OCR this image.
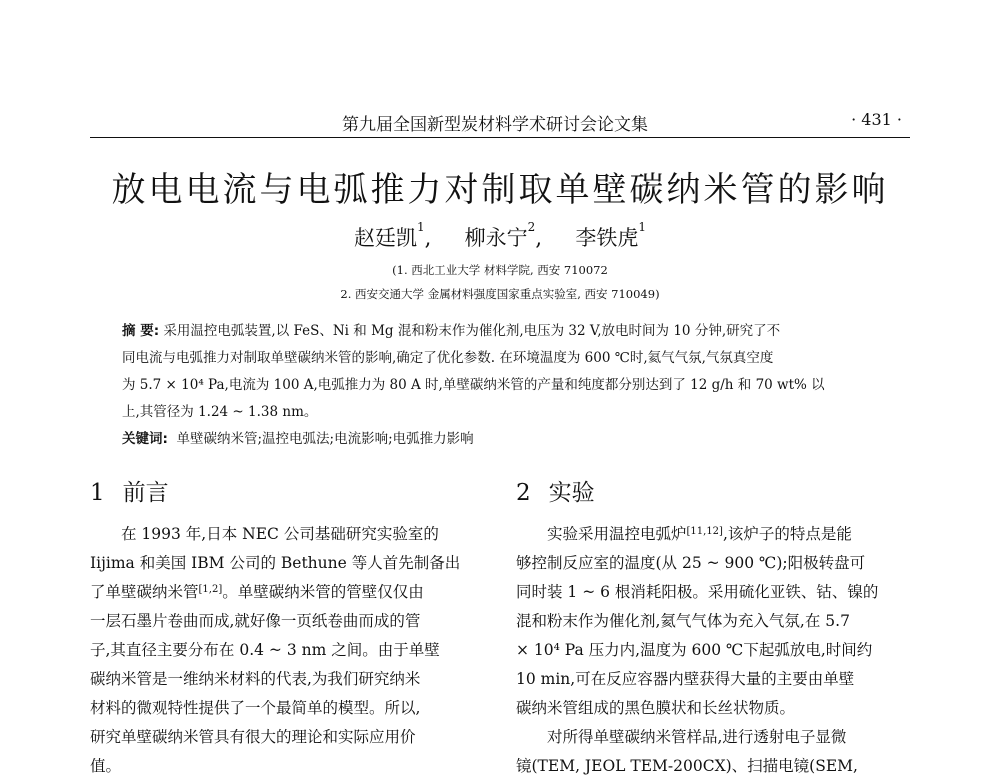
第九届全国新型炭材料学术研讨会论文集	· 431 ·
放电电流与电弧推力对制取单壁碳纳米管的影响
赵廷凯$^1$,     柳永宁$^2$,     李铁虎$^1$
(1. 西北工业大学 材料学院, 西安 710072
2. 西安交通大学 金属材料强度国家重点实验室, 西安 710049)
摘 要: 采用温控电弧装置,以 FeS、Ni 和 Mg 混和粉末作为催化剂,电压为 32 V,放电时间为 10 分钟,研究了不
同电流与电弧推力对制取单壁碳纳米管的影响,确定了优化参数. 在环境温度为 600 ℃时,氦气气氛,气氛真空度
为 5.7 × 10⁴ Pa,电流为 100 A,电弧推力为 80 A 时,单壁碳纳米管的产量和纯度都分别达到了 12 g/h 和 70 wt% 以
上,其管径为 1.24 ~ 1.38 nm。
关键词: 单壁碳纳米管;温控电弧法;电流影响;电弧推力影响
1 前言
在 1993 年,日本 NEC 公司基础研究实验室的
Iijima 和美国 IBM 公司的 Bethune 等人首先制备出
了单壁碳纳米管[1,2]。单壁碳纳米管的管壁仅仅由
一层石墨片卷曲而成,就好像一页纸卷曲而成的管
子,其直径主要分布在 0.4 ~ 3 nm 之间。由于单壁
碳纳米管是一维纳米材料的代表,为我们研究纳米
材料的微观特性提供了一个最简单的模型。所以,
研究单壁碳纳米管具有很大的理论和实际应用价
值。
2 实验
实验采用温控电弧炉[11,12],该炉子的特点是能
够控制反应室的温度(从 25 ~ 900 ℃);阳极转盘可
同时装 1 ~ 6 根消耗阳极。采用硫化亚铁、钴、镍的
混和粉末作为催化剂,氦气气体为充入气氛,在 5.7
× 10⁴ Pa 压力内,温度为 600 ℃下起弧放电,时间约
10 min,可在反应容器内壁获得大量的主要由单壁
碳纳米管组成的黑色膜状和长丝状物质。
对所得单壁碳纳米管样品,进行透射电子显微
镜(TEM, JEOL TEM-200CX)、扫描电镜(SEM,
